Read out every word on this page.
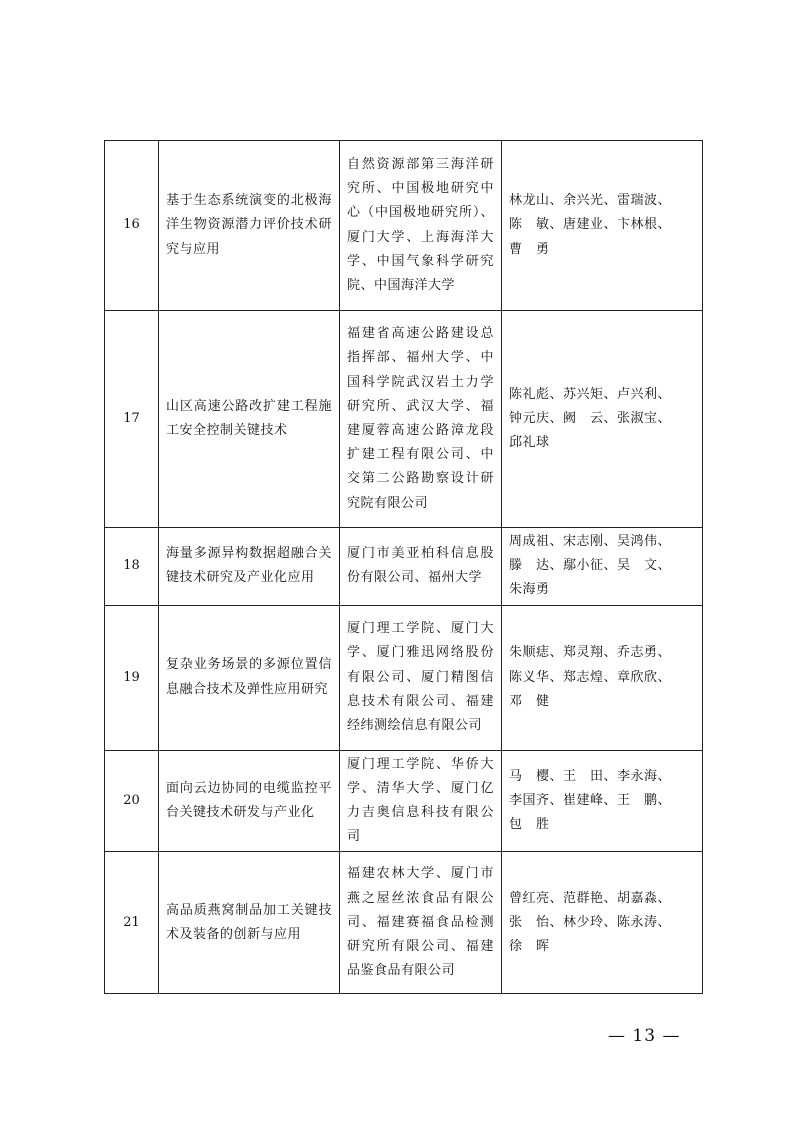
16	基于生态系统演变的北极海洋生物资源潜力评价技术研究与应用	自然资源部第三海洋研究所、中国极地研究中心（中国极地研究所）、厦门大学、上海海洋大学、中国气象科学研究院、中国海洋大学	林龙山、余兴光、雷瑞波、
陈　敏、唐建业、卞林根、
曹　勇
17	山区高速公路改扩建工程施工安全控制关键技术	福建省高速公路建设总指挥部、福州大学、中国科学院武汉岩土力学研究所、武汉大学、福建厦蓉高速公路漳龙段扩建工程有限公司、中交第二公路勘察设计研究院有限公司	陈礼彪、苏兴矩、卢兴利、
钟元庆、阙　云、张淑宝、
邱礼球
18	海量多源异构数据超融合关键技术研究及产业化应用	厦门市美亚柏科信息股份有限公司、福州大学	周成祖、宋志刚、吴鸿伟、
滕　达、鄢小征、吴　文、
朱海勇
19	复杂业务场景的多源位置信息融合技术及弹性应用研究	厦门理工学院、厦门大学、厦门雅迅网络股份有限公司、厦门精图信息技术有限公司、福建经纬测绘信息有限公司	朱顺痣、郑灵翔、乔志勇、
陈义华、郑志煌、章欣欣、
邓　健
20	面向云边协同的电缆监控平台关键技术研发与产业化	厦门理工学院、华侨大学、清华大学、厦门亿力吉奥信息科技有限公司	马　樱、王　田、李永海、
李国齐、崔建峰、王　鹏、
包　胜
21	高品质燕窝制品加工关键技术及装备的创新与应用	福建农林大学、厦门市燕之屋丝浓食品有限公司、福建赛福食品检测研究所有限公司、福建品鉴食品有限公司	曾红亮、范群艳、胡嘉淼、
张　怡、林少玲、陈永涛、
徐　晖
— 13 —
